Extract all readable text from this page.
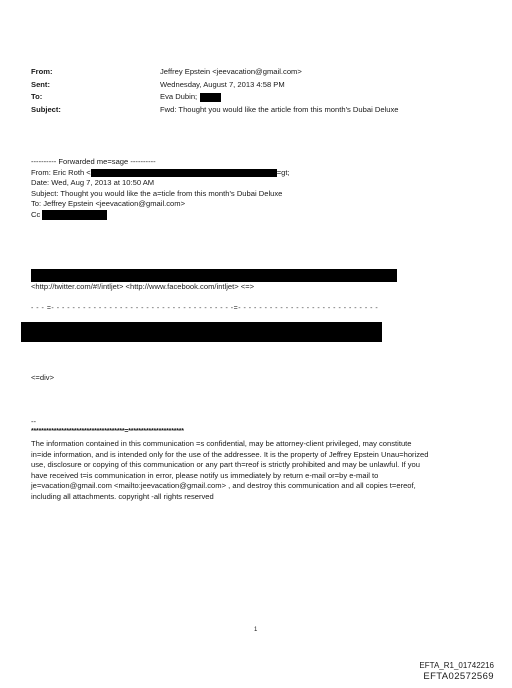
From:	Jeffrey Epstein <jeevacation@gmail.com>
Sent:	Wednesday, August 7, 2013 4:58 PM
To:	Eva Dubin;
Subject:	Fwd: Thought you would like the article from this month's Dubai Deluxe
---------- Forwarded me=sage ----------
From: Eric Roth <	=gt;
Date: Wed, Aug 7, 2013 at 10:50 AM
Subject: Thought you would like the a=ticle from this month's Dubai Deluxe
To: Jeffrey Epstein <jeevacation@gmail.com>
Cc
<http://twitter.com/#!/intljet> <http://www.facebook.com/intljet> <=>
- - - =- - - - - - - - - - - - - - - - - - - - - - - - - - - - - - - - - - -=- - - - - - - - - - - - - - - - - - - - - - - - - - -
<=div>
--
*************************************=**********************
The information contained in this communication =s confidential, may be attorney-client privileged, may constitute
in=ide information, and is intended only for the use of the addressee. It is the property of Jeffrey Epstein Unau=horized
use, disclosure or copying of this communication or any part th=reof is strictly prohibited and may be unlawful. If you
have received t=is communication in error, please notify us immediately by return e-mail or=by e-mail to
je=vacation@gmail.com <mailto:jeevacation@gmail.com> , and destroy this communication and all copies t=ereof,
including all attachments. copyright -all rights reserved
1
EFTA_R1_01742216
EFTA02572569
